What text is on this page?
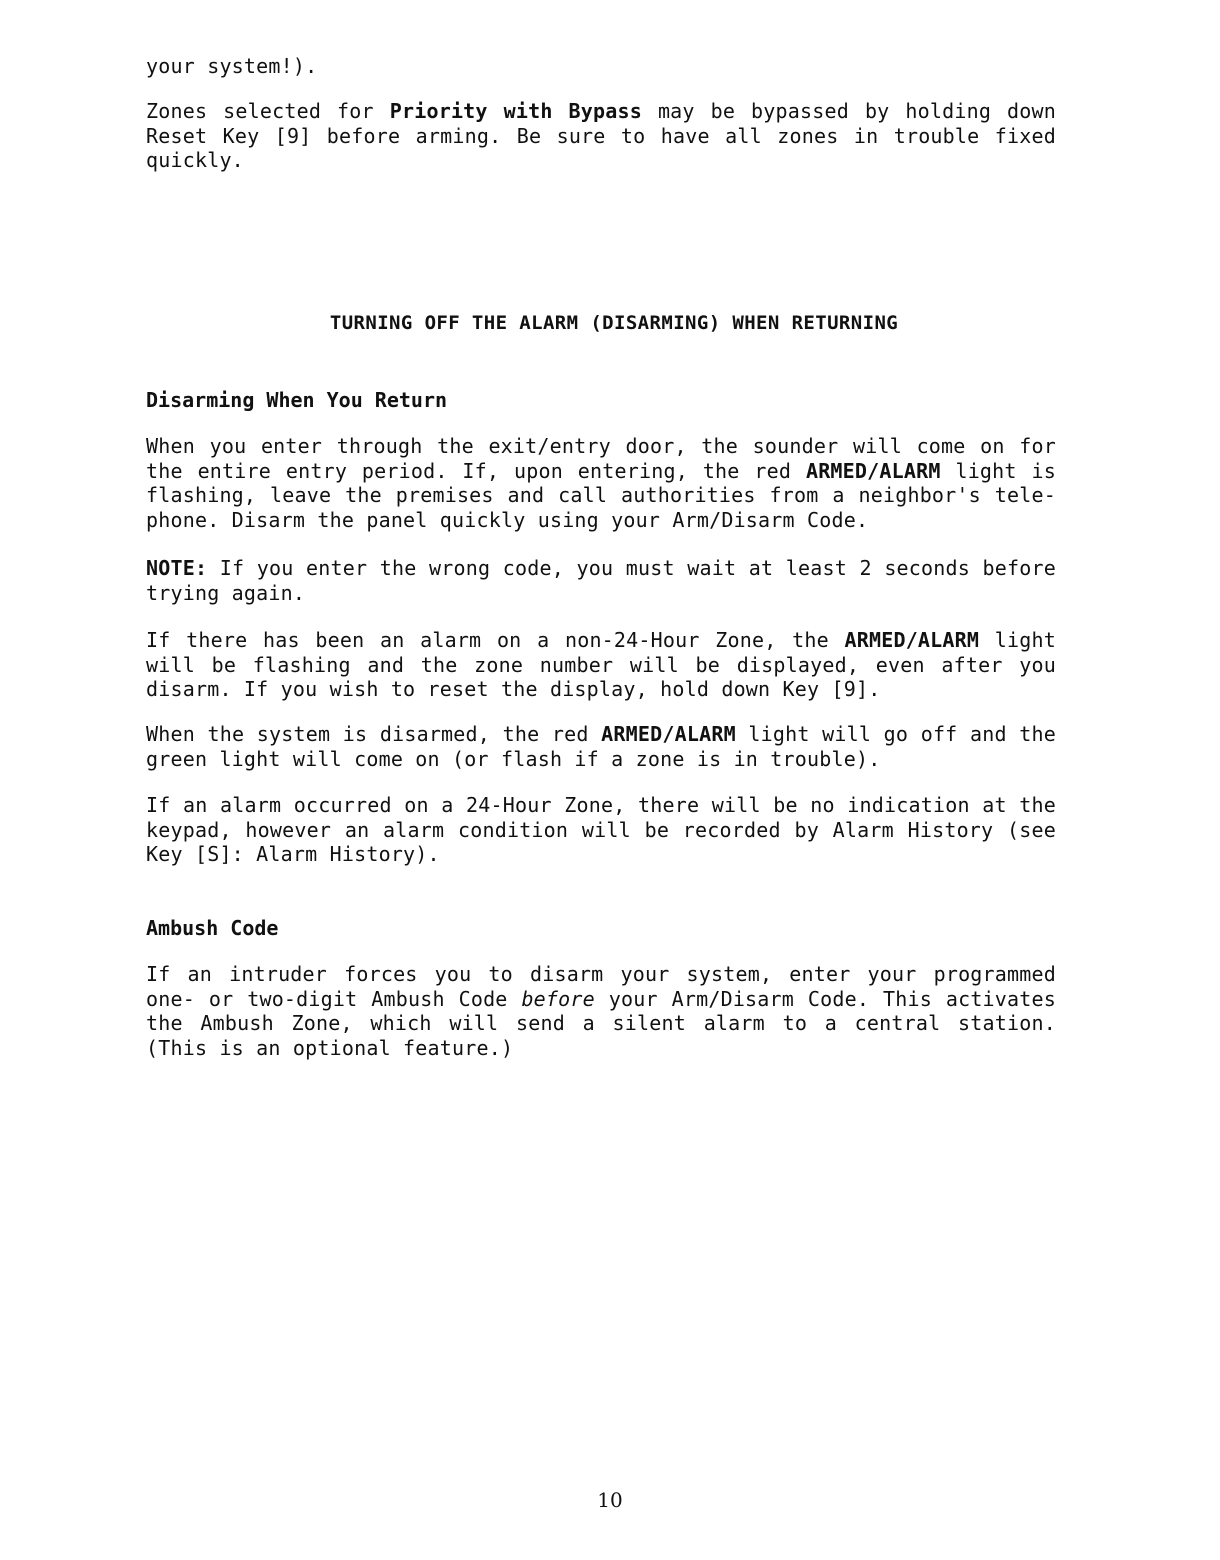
your system!).

Zones selected for Priority with Bypass may be bypassed by holding down Reset Key [9] before arming. Be sure to have all zones in trouble fixed quickly.

TURNING OFF THE ALARM (DISARMING) WHEN RETURNING
Disarming When You Return

When you enter through the exit/entry door, the sounder will come on for the entire entry period. If, upon entering, the red ARMED/ALARM light is flashing, leave the premises and call authorities from a neighbor's tele- phone. Disarm the panel quickly using your Arm/Disarm Code.

NOTE: If you enter the wrong code, you must wait at least 2 seconds before trying again.

If there has been an alarm on a non-24-Hour Zone, the ARMED/ALARM light will be flashing and the zone number will be displayed, even after you disarm. If you wish to reset the display, hold down Key [9].

When the system is disarmed, the red ARMED/ALARM light will go off and the green light will come on (or flash if a zone is in trouble).

If an alarm occurred on a 24-Hour Zone, there will be no indication at the keypad, however an alarm condition will be recorded by Alarm History (see Key [S]: Alarm History).

Ambush Code

If an intruder forces you to disarm your system, enter your programmed one- or two-digit Ambush Code before your Arm/Disarm Code. This activates the Ambush Zone, which will send a silent alarm to a central station. (This is an optional feature.)

10
